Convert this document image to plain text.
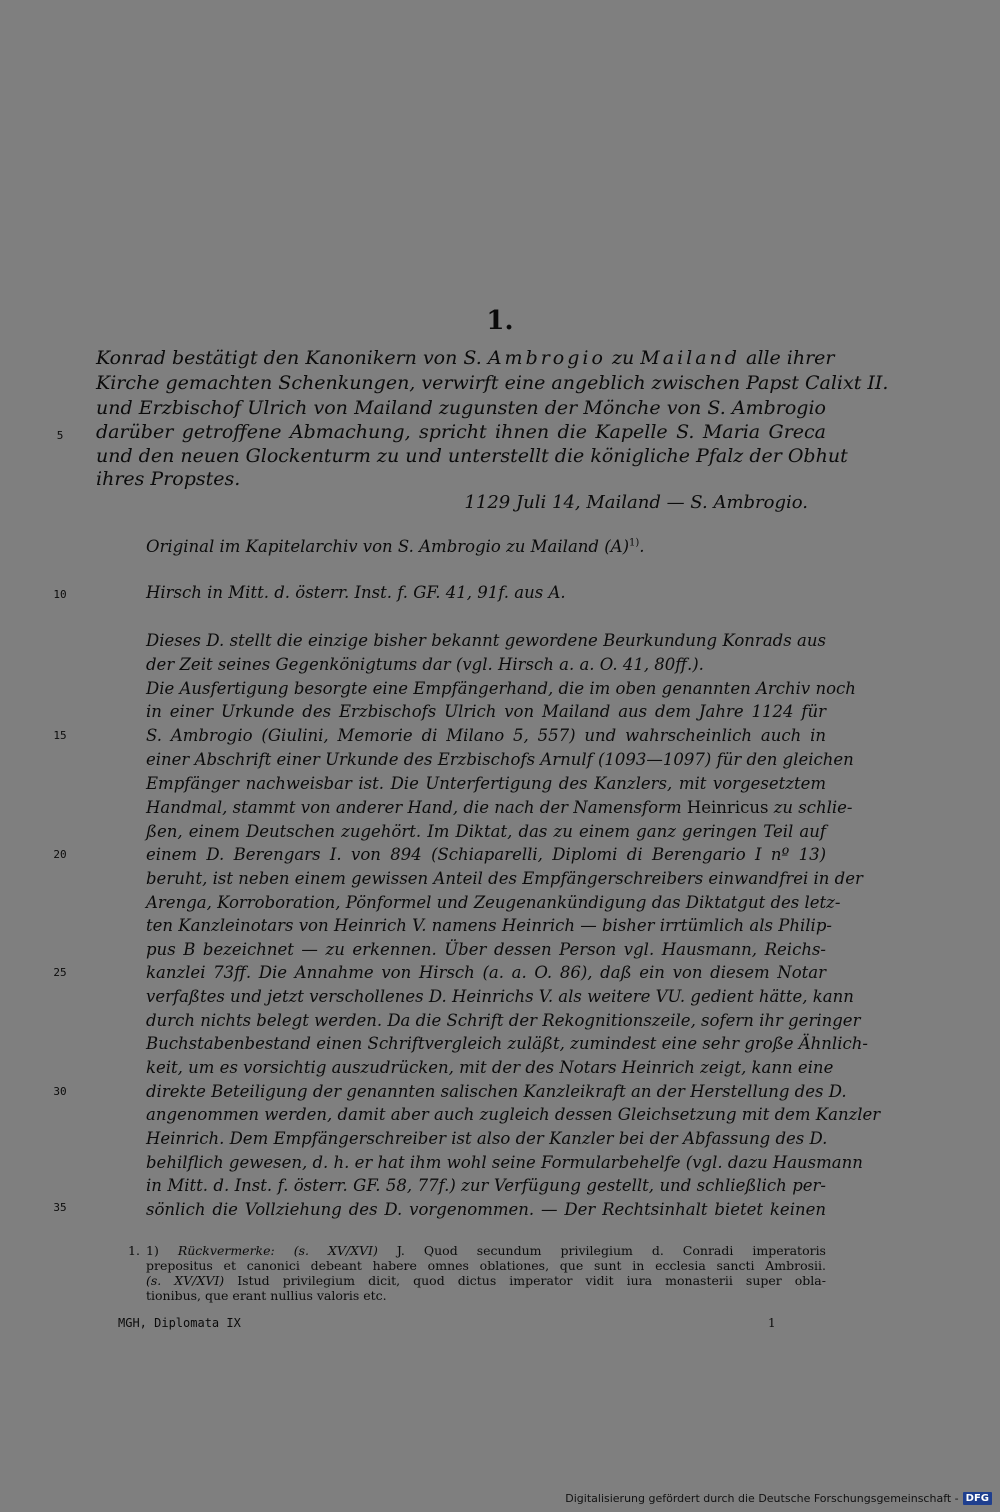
1.
Konrad bestätigt den Kanonikern von S. Ambrogio zu Mailand alle ihrer
Kirche gemachten Schenkungen, verwirft eine angeblich zwischen Papst Calixt II.
und Erzbischof Ulrich von Mailand zugunsten der Mönche von S. Ambrogio
darüber getroffene Abmachung, spricht ihnen die Kapelle S. Maria Greca
und den neuen Glockenturm zu und unterstellt die königliche Pfalz der Obhut
ihres Propstes.
1129 Juli 14, Mailand — S. Ambrogio.
Original im Kapitelarchiv von S. Ambrogio zu Mailand $(A)^{1)}$.
Hirsch in Mitt. d. österr. Inst. f. GF. 41, 91f. aus A.
5
10
15
20
25
30
35
Dieses D. stellt die einzige bisher bekannt gewordene Beurkundung Konrads aus
der Zeit seines Gegenkönigtums dar (vgl. Hirsch a. a. O. 41, 80ff.).
Die Ausfertigung besorgte eine Empfängerhand, die im oben genannten Archiv noch
in einer Urkunde des Erzbischofs Ulrich von Mailand aus dem Jahre 1124 für
S. Ambrogio (Giulini, Memorie di Milano 5, 557) und wahrscheinlich auch in
einer Abschrift einer Urkunde des Erzbischofs Arnulf (1093—1097) für den gleichen
Empfänger nachweisbar ist. Die Unterfertigung des Kanzlers, mit vorgesetztem
Handmal, stammt von anderer Hand, die nach der Namensform Heinricus zu schlie-
ßen, einem Deutschen zugehört. Im Diktat, das zu einem ganz geringen Teil auf
einem D. Berengars I. von 894 (Schiaparelli, Diplomi di Berengario I nº 13)
beruht, ist neben einem gewissen Anteil des Empfängerschreibers einwandfrei in der
Arenga, Korroboration, Pönformel und Zeugenankündigung das Diktatgut des letz-
ten Kanzleinotars von Heinrich V. namens Heinrich — bisher irrtümlich als Philip-
pus B bezeichnet — zu erkennen. Über dessen Person vgl. Hausmann, Reichs-
kanzlei 73ff. Die Annahme von Hirsch (a. a. O. 86), daß ein von diesem Notar
verfaßtes und jetzt verschollenes D. Heinrichs V. als weitere VU. gedient hätte, kann
durch nichts belegt werden. Da die Schrift der Rekognitionszeile, sofern ihr geringer
Buchstabenbestand einen Schriftvergleich zuläßt, zumindest eine sehr große Ähnlich-
keit, um es vorsichtig auszudrücken, mit der des Notars Heinrich zeigt, kann eine
direkte Beteiligung der genannten salischen Kanzleikraft an der Herstellung des D.
angenommen werden, damit aber auch zugleich dessen Gleichsetzung mit dem Kanzler
Heinrich. Dem Empfängerschreiber ist also der Kanzler bei der Abfassung des D.
behilflich gewesen, d. h. er hat ihm wohl seine Formularbehelfe (vgl. dazu Hausmann
in Mitt. d. Inst. f. österr. GF. 58, 77f.) zur Verfügung gestellt, und schließlich per-
sönlich die Vollziehung des D. vorgenommen. — Der Rechtsinhalt bietet keinen
1. 1) Rückvermerke: (s. XV/XVI) J. Quod secundum privilegium d. Conradi imperatoris
prepositus et canonici debeant habere omnes oblationes, que sunt in ecclesia sancti Ambrosii.
(s. XV/XVI) Istud privilegium dicit, quod dictus imperator vidit iura monasterii super obla-
tionibus, que erant nullius valoris etc.
MGH, Diplomata IX	1
Digitalisierung gefördert durch die Deutsche Forschungsgemeinschaft - DFG
